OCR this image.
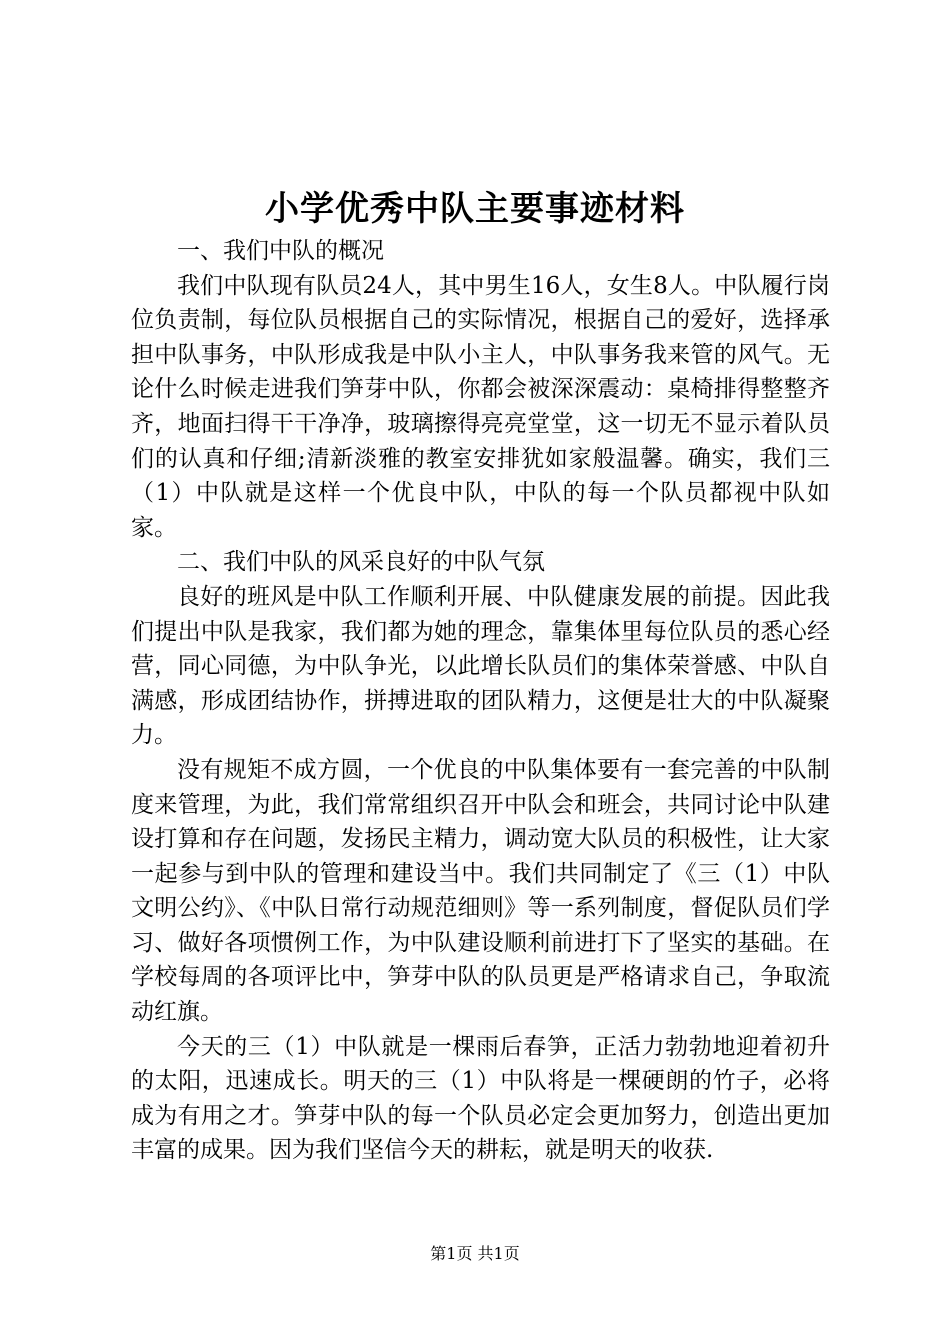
小学优秀中队主要事迹材料

一、我们中队的概况

我们中队现有队员24人，其中男生16人，女生8人。中队履行岗位负责制，每位队员根据自己的实际情况，根据自己的爱好，选择承担中队事务，中队形成我是中队小主人，中队事务我来管的风气。无论什么时候走进我们笋芽中队，你都会被深深震动：桌椅排得整整齐齐，地面扫得干干净净，玻璃擦得亮亮堂堂，这一切无不显示着队员们的认真和仔细;清新淡雅的教室安排犹如家般温馨。确实，我们三（1）中队就是这样一个优良中队，中队的每一个队员都视中队如家。

二、我们中队的风采良好的中队气氛

良好的班风是中队工作顺利开展、中队健康发展的前提。因此我们提出中队是我家，我们都为她的理念，靠集体里每位队员的悉心经营，同心同德，为中队争光，以此增长队员们的集体荣誉感、中队自满感，形成团结协作，拼搏进取的团队精力，这便是壮大的中队凝聚力。

没有规矩不成方圆，一个优良的中队集体要有一套完善的中队制度来管理，为此，我们常常组织召开中队会和班会，共同讨论中队建设打算和存在问题，发扬民主精力，调动宽大队员的积极性，让大家一起参与到中队的管理和建设当中。我们共同制定了《三（1）中队文明公约》、《中队日常行动规范细则》等一系列制度，督促队员们学习、做好各项惯例工作，为中队建设顺利前进打下了坚实的基础。在学校每周的各项评比中，笋芽中队的队员更是严格请求自己，争取流动红旗。

今天的三（1）中队就是一棵雨后春笋，正活力勃勃地迎着初升的太阳，迅速成长。明天的三（1）中队将是一棵硬朗的竹子，必将成为有用之才。笋芽中队的每一个队员必定会更加努力，创造出更加丰富的成果。因为我们坚信今天的耕耘，就是明天的收获.

第1页 共1页
